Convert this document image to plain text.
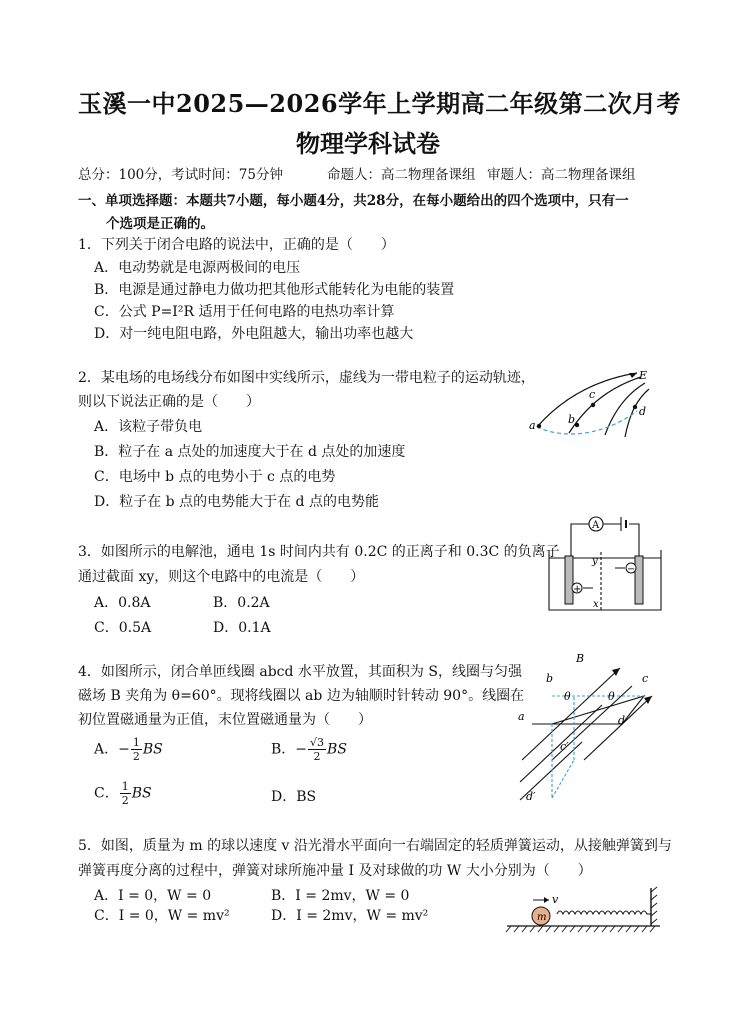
玉溪一中2025—2026学年上学期高二年级第二次月考
物理学科试卷
总分：100分，考试时间：75分钟	命题人：高二物理备课组 审题人：高二物理备课组
一、单项选择题：本题共7小题，每小题4分，共28分，在每小题给出的四个选项中，只有一
个选项是正确的。
1．下列关于闭合电路的说法中，正确的是（　　）
A．电动势就是电源两极间的电压
B．电源是通过静电力做功把其他形式能转化为电能的装置
C．公式 P=I²R 适用于任何电路的电热功率计算
D．对一纯电阻电路，外电阻越大，输出功率也越大
2．某电场的电场线分布如图中实线所示，虚线为一带电粒子的运动轨迹，
则以下说法正确的是（　　）
A．该粒子带负电
B．粒子在 a 点处的加速度大于在 d 点处的加速度
C．电场中 b 点的电势小于 c 点的电势
D．粒子在 b 点的电势能大于在 d 点的电势能
E
a	b
c
d
3．如图所示的电解池，通电 1s 时间内共有 0.2C 的正离子和 0.3C 的负离子
通过截面 xy，则这个电路中的电流是（　　）
A．0.8A	B．0.2A
C．0.5A	D．0.1A
A
+
−
y
x
4．如图所示，闭合单匝线圈 abcd 水平放置，其面积为 S，线圈与匀强
磁场 B 夹角为 θ=60°。现将线圈以 ab 边为轴顺时针转动 90°。线圈在
初位置磁通量为正值，末位置磁通量为（　　）
A．− $\frac{1}{2}$ BS	B．− $\frac{√3}{2}$ BS
C． $\frac{1}{2}$ BS	D．BS
B
a
b	c
d
c′
d′
θ	θ
5．如图，质量为 m 的球以速度 v 沿光滑水平面向一右端固定的轻质弹簧运动，从接触弹簧到与
弹簧再度分离的过程中，弹簧对球所施冲量 I 及对球做的功 W 大小分别为（　　）
A．I = 0，W = 0	B．I = 2mv，W = 0
C．I = 0，W = mv²	D．I = 2mv，W = mv²	m
v
